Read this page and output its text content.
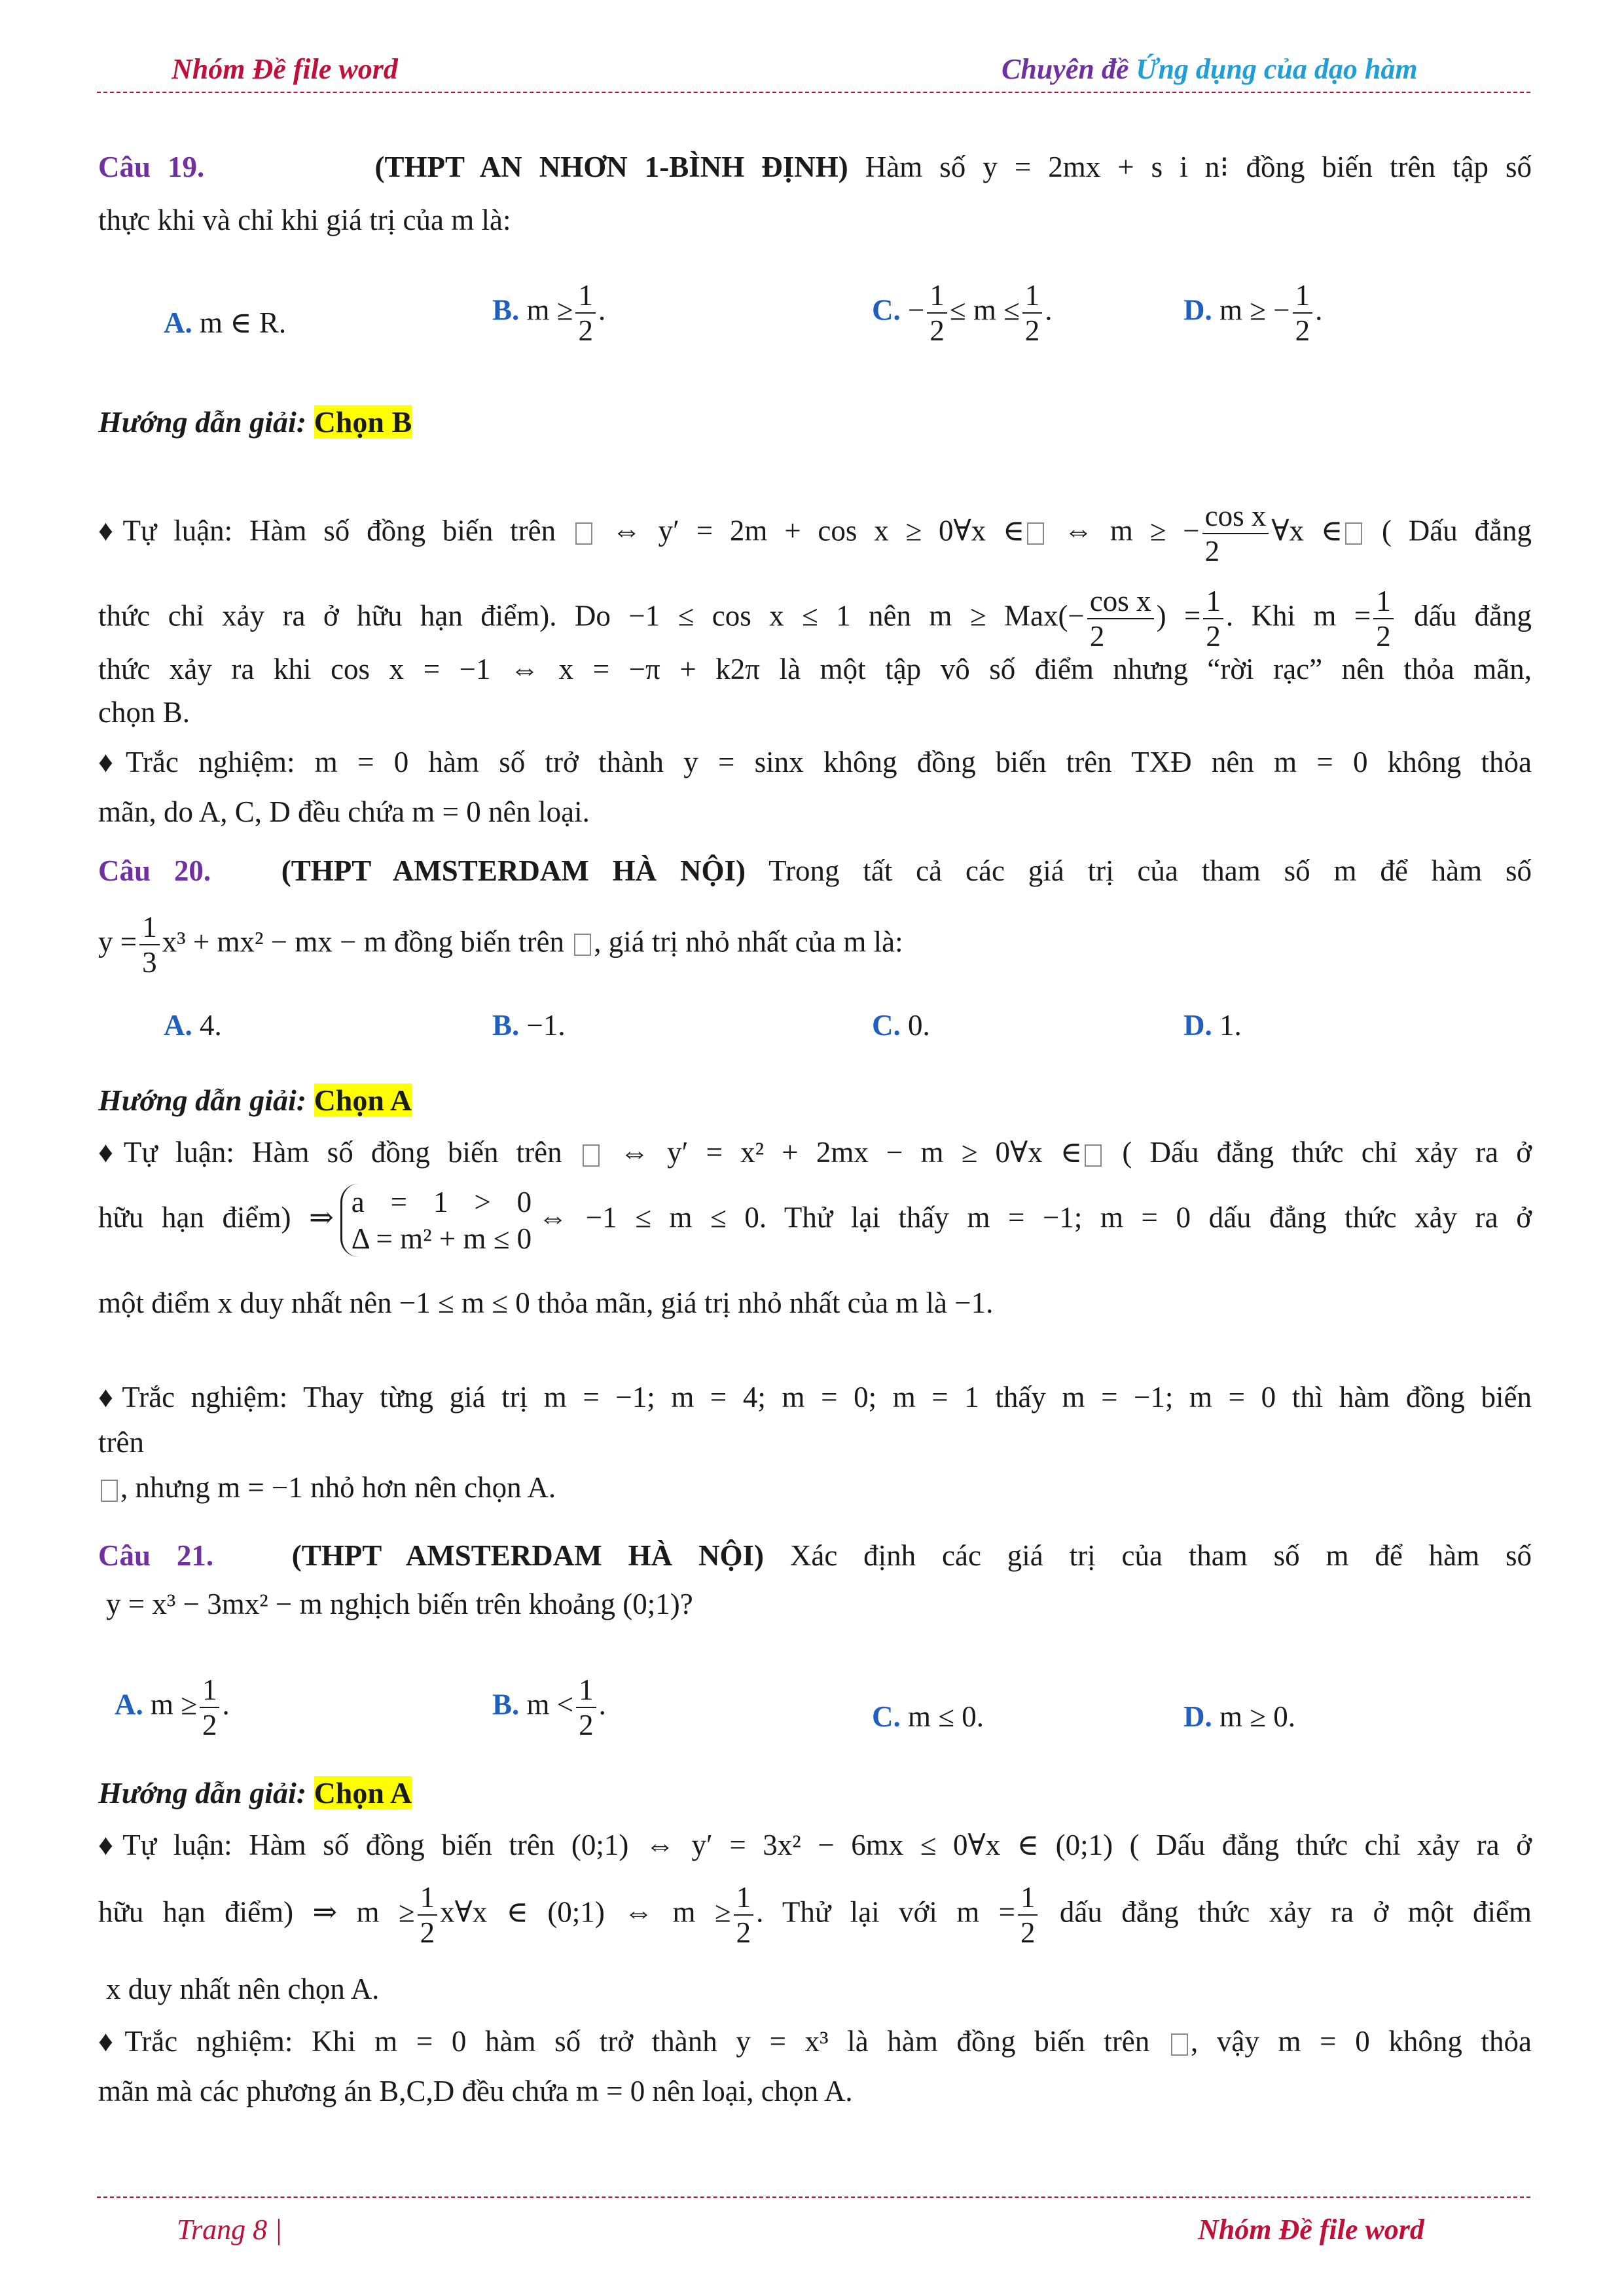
Nhóm Đề file word	Chuyên đề Ứng dụng của dạo hàm
Câu 19.	(THPT AN NHƠN 1-BÌNH ĐỊNH) Hàm số y = 2mx + s i n⁝ đồng biến trên tập số
thực khi và chỉ khi giá trị của m là:
A. m ∈ R.	B. $m \ge \frac{1}{2}$ .	C. − $\frac{1}{2} \le m \le \frac{1}{2}$ .	D. m ≥ − $\frac{1}{2}$ .
Hướng dẫn giải: Chọn B
♦Tự luận: Hàm số đồng biến trên  ⇔ y′ = 2m + cos x ≥ 0∀x ∈ ⇔ m ≥ − $\frac{\text{cos x}}{2}$ ∀x ∈ ( Dấu đẳng
thức chỉ xảy ra ở hữu hạn điểm). Do −1 ≤ cos x ≤ 1 nên $m \ge Max(- \frac{\text{cos x}}{2}$ ) = $\frac{1}{2}$ . Khi $m = \frac{1}{2}$ dấu đẳng
thức xảy ra khi cos x = −1 ⇔ x = −π + k2π là một tập vô số điểm nhưng “rời rạc” nên thỏa mãn,
chọn B.
♦Trắc nghiệm: m = 0 hàm số trở thành y = sinx không đồng biến trên TXĐ nên m = 0 không thỏa
mãn, do A, C, D đều chứa m = 0 nên loại.
Câu 20. (THPT AMSTERDAM HÀ NỘI) Trong tất cả các giá trị của tham số m để hàm số
$y = \frac{1}{3} x^3 + mx^2$ − mx − m đồng biến trên , giá trị nhỏ nhất của m là:
A. 4.	B. −1.	C. 0.	D. 1.
Hướng dẫn giải: Chọn A
♦Tự luận: Hàm số đồng biến trên  ⇔ y′ = x² + 2mx − m ≥ 0∀x ∈ ( Dấu đẳng thức chỉ xảy ra ở
hữu hạn điểm) ⇒ a = 1 > 0
Δ = m² + m ≤ 0
⇔ −1 ≤ m ≤ 0. Thử lại thấy m = −1; m = 0 dấu đẳng thức xảy ra ở
một điểm x duy nhất nên −1 ≤ m ≤ 0 thỏa mãn, giá trị nhỏ nhất của m là −1.
♦Trắc nghiệm: Thay từng giá trị m = −1; m = 4; m = 0; m = 1 thấy m = −1; m = 0 thì hàm đồng biến
trên
, nhưng m = −1 nhỏ hơn nên chọn A.
Câu 21.	(THPT AMSTERDAM HÀ NỘI) Xác định các giá trị của tham số m để hàm số
y = x³ − 3mx² − m nghịch biến trên khoảng (0;1)?
A. $m \ge \frac{1}{2}$ .	B. $m < \frac{1}{2}$ .	C. m ≤ 0.	D. m ≥ 0.
Hướng dẫn giải: Chọn A
♦Tự luận: Hàm số đồng biến trên (0;1) ⇔ y′ = 3x² − 6mx ≤ 0∀x ∈ (0;1) ( Dấu đẳng thức chỉ xảy ra ở
hữu hạn điểm) ⇒ $m \ge \frac{1}{2}$ x∀x ∈ (0;1) ⇔ $m \ge \frac{1}{2}$ . Thử lại với $m = \frac{1}{2}$ dấu đẳng thức xảy ra ở một điểm
x duy nhất nên chọn A.
♦Trắc nghiệm: Khi m = 0 hàm số trở thành y = x³ là hàm đồng biến trên , vậy m = 0 không thỏa
mãn mà các phương án B,C,D đều chứa m = 0 nên loại, chọn A.
Trang 8 |	Nhóm Đề file word
